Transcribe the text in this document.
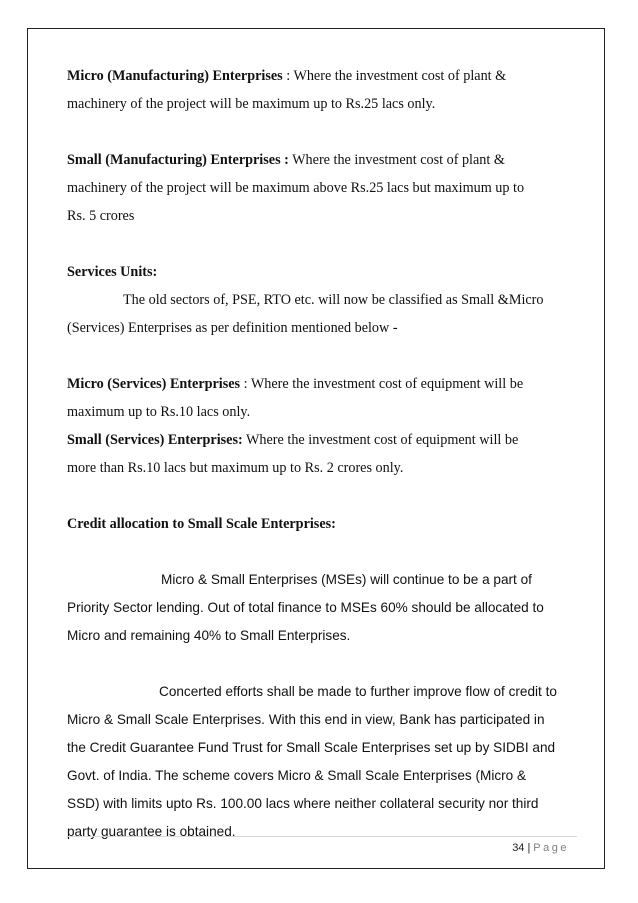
Micro (Manufacturing) Enterprises : Where the investment cost of plant &
machinery of the project will be maximum up to Rs.25 lacs only.

Small (Manufacturing) Enterprises : Where the investment cost of plant &
machinery of the project will be maximum above Rs.25 lacs but maximum up to
Rs. 5 crores

Services Units:
The old sectors of, PSE, RTO etc. will now be classified as Small &Micro
(Services) Enterprises as per definition mentioned below -

Micro (Services) Enterprises : Where the investment cost of equipment will be
maximum up to Rs.10 lacs only.

Small (Services) Enterprises: Where the investment cost of equipment will be
more than Rs.10 lacs but maximum up to Rs. 2 crores only.

Credit allocation to Small Scale Enterprises:

Micro & Small Enterprises (MSEs) will continue to be a part of
Priority Sector lending. Out of total finance to MSEs 60% should be allocated to
Micro and remaining 40% to Small Enterprises.

Concerted efforts shall be made to further improve flow of credit to
Micro & Small Scale Enterprises. With this end in view, Bank has participated in
the Credit Guarantee Fund Trust for Small Scale Enterprises set up by SIDBI and
Govt. of India. The scheme covers Micro & Small Scale Enterprises (Micro &
SSD) with limits upto Rs. 100.00 lacs where neither collateral security nor third
party guarantee is obtained.

34 | Page
